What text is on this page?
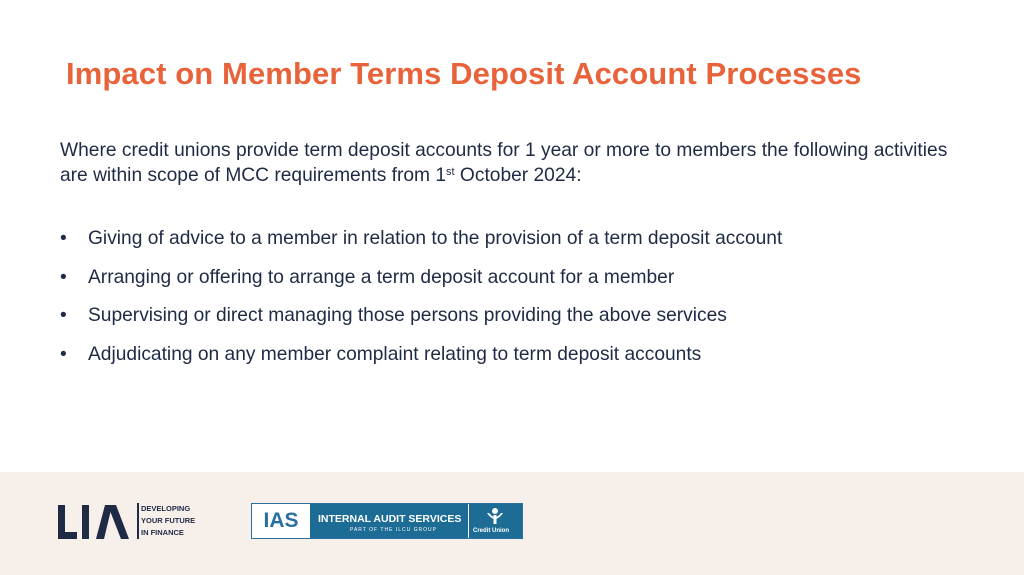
Impact on Member Terms Deposit Account Processes
Where credit unions provide term deposit accounts for 1 year or more to members the following activities are within scope of MCC requirements from 1st October 2024:
• Giving of advice to a member in relation to the provision of a term deposit account
• Arranging or offering to arrange a term deposit account for a member
• Supervising or direct managing those persons providing the above services
• Adjudicating on any member complaint relating to term deposit accounts
DEVELOPING
YOUR FUTURE
IN FINANCE
IAS	INTERNAL AUDIT SERVICES
PART OF THE ILCU GROUP	Credit Union
